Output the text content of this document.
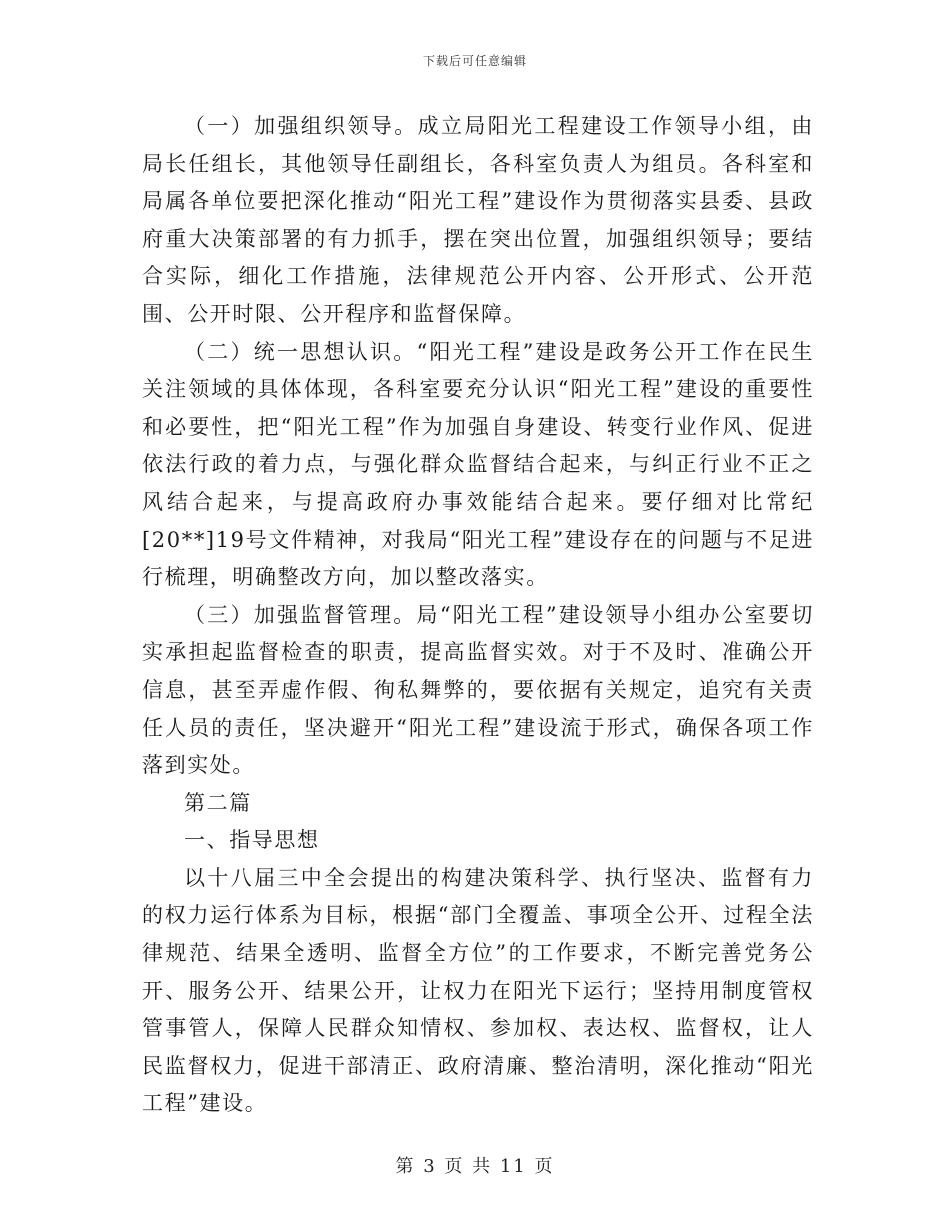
下载后可任意编辑

（一）加强组织领导。成立局阳光工程建设工作领导小组，由局长任组长，其他领导任副组长，各科室负责人为组员。各科室和局属各单位要把深化推动“阳光工程”建设作为贯彻落实县委、县政府重大决策部署的有力抓手，摆在突出位置，加强组织领导；要结合实际，细化工作措施，法律规范公开内容、公开形式、公开范围、公开时限、公开程序和监督保障。

（二）统一思想认识。“阳光工程”建设是政务公开工作在民生关注领域的具体体现，各科室要充分认识“阳光工程”建设的重要性和必要性，把“阳光工程”作为加强自身建设、转变行业作风、促进依法行政的着力点，与强化群众监督结合起来，与纠正行业不正之风结合起来，与提高政府办事效能结合起来。要仔细对比常纪[20**]19号文件精神，对我局“阳光工程”建设存在的问题与不足进行梳理，明确整改方向，加以整改落实。

（三）加强监督管理。局“阳光工程”建设领导小组办公室要切实承担起监督检查的职责，提高监督实效。对于不及时、准确公开信息，甚至弄虚作假、徇私舞弊的，要依据有关规定，追究有关责任人员的责任，坚决避开“阳光工程”建设流于形式，确保各项工作落到实处。

第二篇

一、指导思想

以十八届三中全会提出的构建决策科学、执行坚决、监督有力的权力运行体系为目标，根据“部门全覆盖、事项全公开、过程全法律规范、结果全透明、监督全方位”的工作要求，不断完善党务公开、服务公开、结果公开，让权力在阳光下运行；坚持用制度管权管事管人，保障人民群众知情权、参加权、表达权、监督权，让人民监督权力，促进干部清正、政府清廉、整治清明，深化推动“阳光工程”建设。

第 3 页 共 11 页
